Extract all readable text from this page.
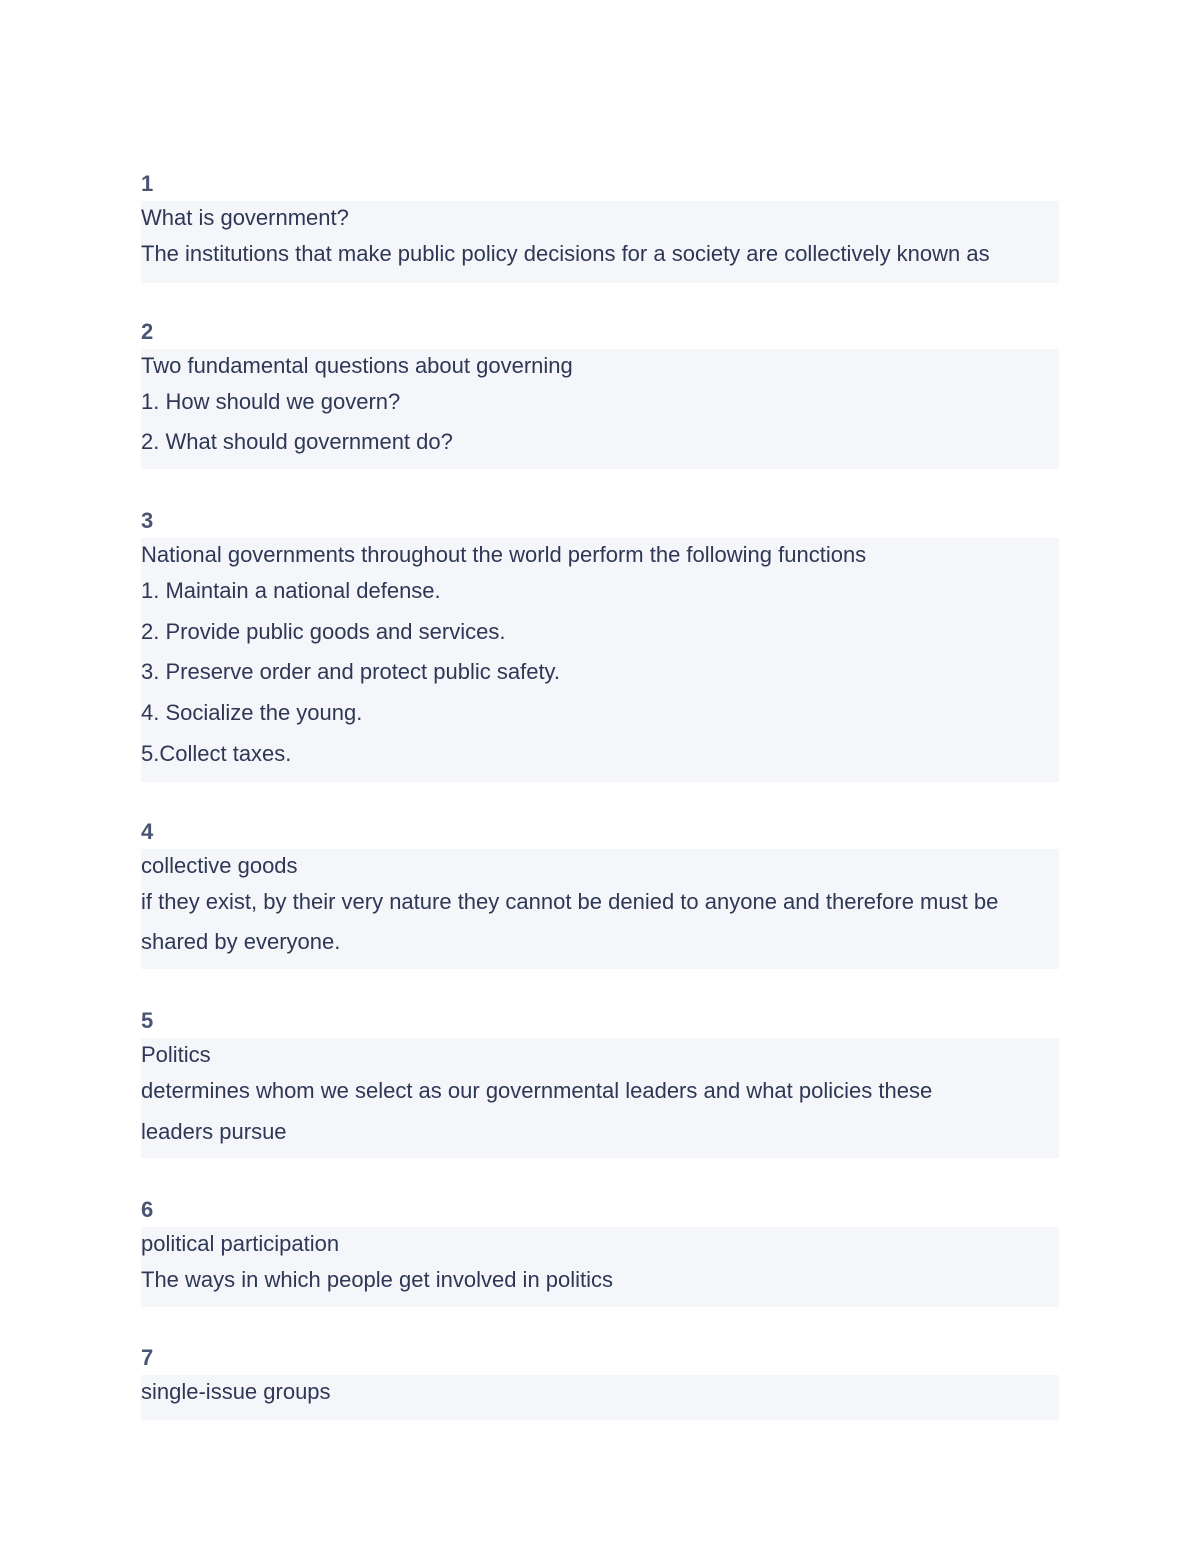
1
What is government?
The institutions that make public policy decisions for a society are collectively known as
2
Two fundamental questions about governing
1. How should we govern?
2. What should government do?
3
National governments throughout the world perform the following functions
1. Maintain a national defense.
2. Provide public goods and services.
3. Preserve order and protect public safety.
4. Socialize the young.
5.Collect taxes.
4
collective goods
if they exist, by their very nature they cannot be denied to anyone and therefore must be
shared by everyone.
5
Politics
determines whom we select as our governmental leaders and what policies these
leaders pursue
6
political participation
The ways in which people get involved in politics
7
single-issue groups
